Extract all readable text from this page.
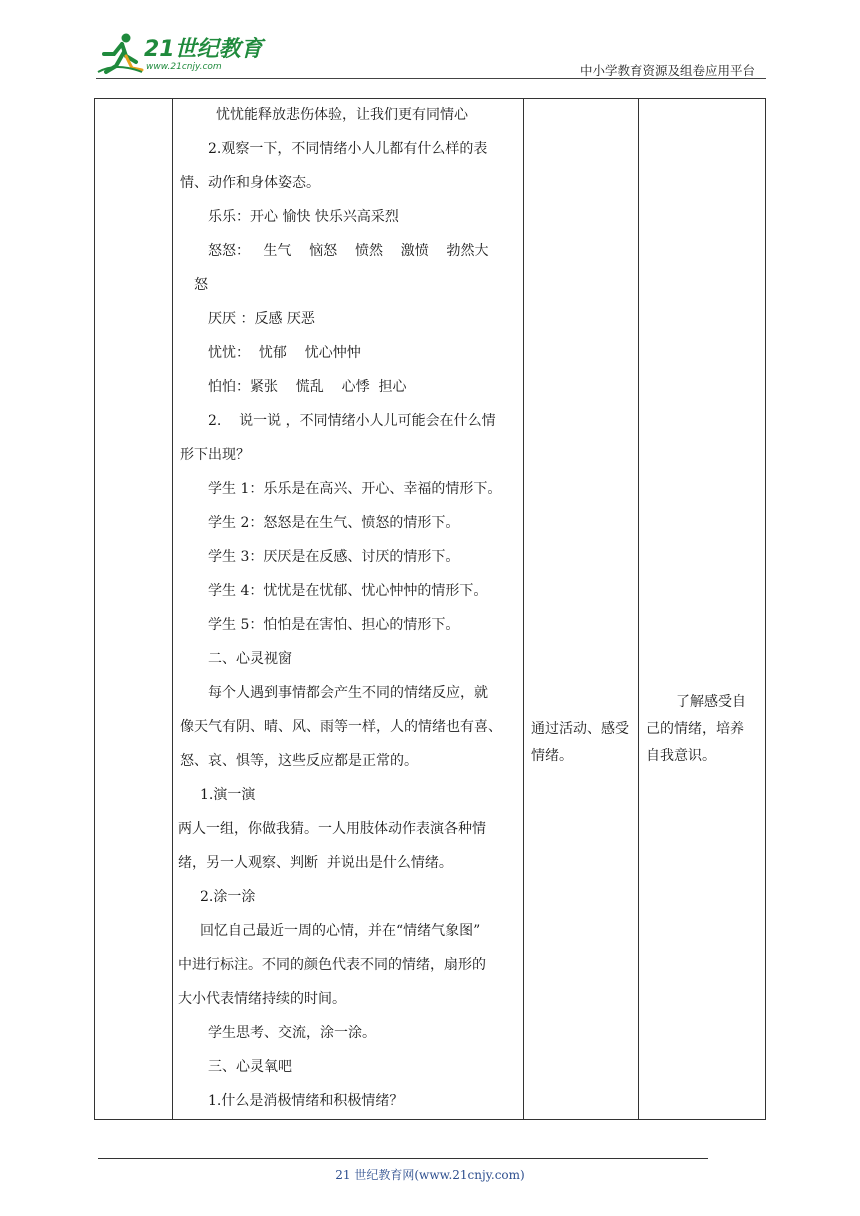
21世纪教育
www.21cnjy.com	中小学教育资源及组卷应用平台
忧忧能释放悲伤体验，让我们更有同情心
2.观察一下，不同情绪小人儿都有什么样的表
情、动作和身体姿态。
乐乐：开心 愉快 快乐兴高采烈
怒怒：   生气    恼怒    愤然    激愤    勃然大
怒
厌厌 ：反感 厌恶
忧忧：  忧郁    忧心忡忡
怕怕：紧张    慌乱    心悸  担心
2.    说一说 ，不同情绪小人儿可能会在什么情
形下出现？
学生 1：乐乐是在高兴、开心、幸福的情形下。
学生 2：怒怒是在生气、愤怒的情形下。
学生 3：厌厌是在反感、讨厌的情形下。
学生 4：忧忧是在忧郁、忧心忡忡的情形下。
学生 5：怕怕是在害怕、担心的情形下。
二、心灵视窗
每个人遇到事情都会产生不同的情绪反应，就
像天气有阴、晴、风、雨等一样，人的情绪也有喜、
怒、哀、惧等，这些反应都是正常的。
1.演一演
两人一组，你做我猜。一人用肢体动作表演各种情
绪，另一人观察、判断  并说出是什么情绪。
2.涂一涂
回忆自己最近一周的心情，并在“情绪气象图”
中进行标注。不同的颜色代表不同的情绪，扇形的
大小代表情绪持续的时间。
学生思考、交流，涂一涂。
三、心灵氧吧
1.什么是消极情绪和积极情绪？
通过活动、感受
情绪。
了解感受自
己的情绪，培养
自我意识。
21 世纪教育网(www.21cnjy.com)
